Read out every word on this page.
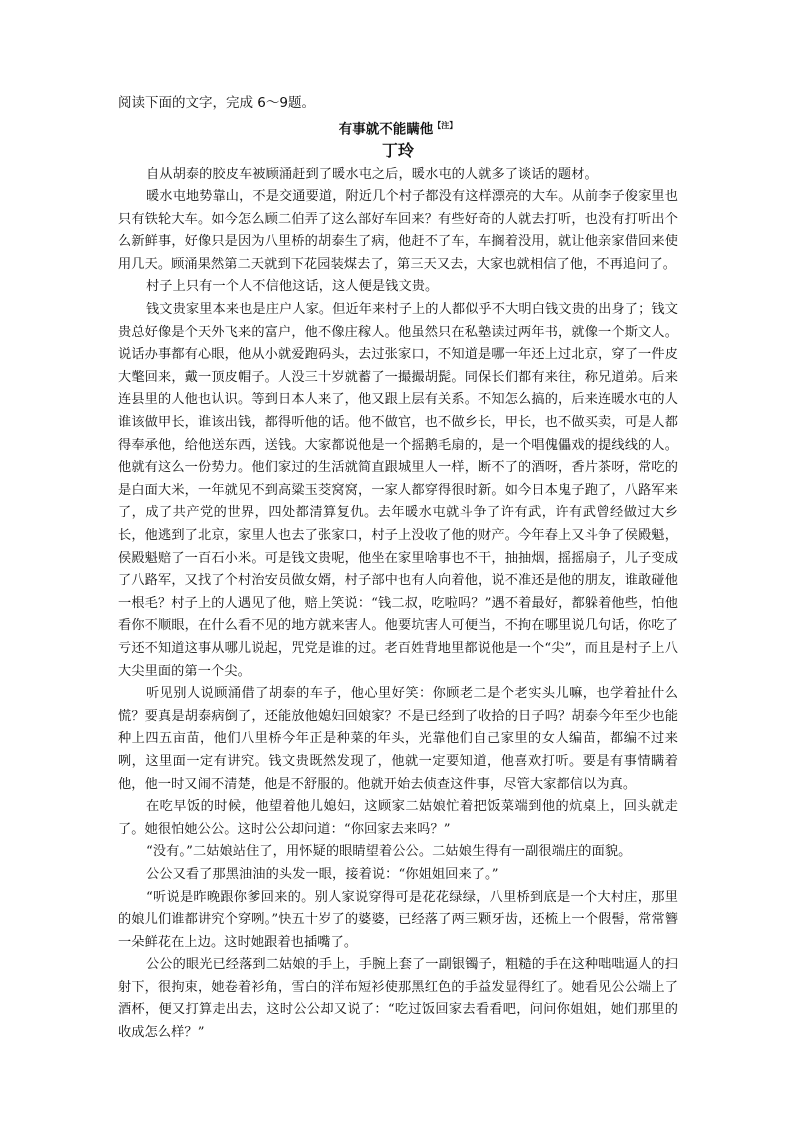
阅读下面的文字，完成 6～9题。

有事就不能瞒他$^{【注】}$

丁玲

自从胡泰的胶皮车被顾涌赶到了暖水屯之后，暖水屯的人就多了谈话的题材。

暖水屯地势靠山，不是交通要道，附近几个村子都没有这样漂亮的大车。从前李子俊家里也只有铁轮大车。如今怎么顾二伯弄了这么部好车回来？有些好奇的人就去打听，也没有打听出个么新鲜事，好像只是因为八里桥的胡泰生了病，他赶不了车，车搁着没用，就让他亲家借回来使用几天。顾涌果然第二天就到下花园装煤去了，第三天又去，大家也就相信了他，不再追问了。

村子上只有一个人不信他这话，这人便是钱文贵。

钱文贵家里本来也是庄户人家。但近年来村子上的人都似乎不大明白钱文贵的出身了；钱文贵总好像是个天外飞来的富户，他不像庄稼人。他虽然只在私塾读过两年书，就像一个斯文人。说话办事都有心眼，他从小就爱跑码头，去过张家口，不知道是哪一年还上过北京，穿了一件皮大氅回来，戴一顶皮帽子。人没三十岁就蓄了一撮撮胡髭。同保长们都有来往，称兄道弟。后来连县里的人他也认识。等到日本人来了，他又跟上层有关系。不知怎么搞的，后来连暖水屯的人谁该做甲长，谁该出钱，都得听他的话。他不做官，也不做乡长，甲长，也不做买卖，可是人都得奉承他，给他送东西，送钱。大家都说他是一个摇鹅毛扇的，是一个唱傀儡戏的提线线的人。他就有这么一份势力。他们家过的生活就简直跟城里人一样，断不了的酒呀，香片茶呀，常吃的是白面大米，一年就见不到高粱玉茭窝窝，一家人都穿得很时新。如今日本鬼子跑了，八路军来了，成了共产党的世界，四处都清算复仇。去年暖水屯就斗争了许有武，许有武曾经做过大乡长，他逃到了北京，家里人也去了张家口，村子上没收了他的财产。今年春上又斗争了侯殿魁，侯殿魁赔了一百石小米。可是钱文贵呢，他坐在家里啥事也不干，抽抽烟，摇摇扇子，儿子变成了八路军，又找了个村治安员做女婿，村子部中也有人向着他，说不准还是他的朋友，谁敢碰他一根毛？村子上的人遇见了他，赔上笑说：“钱二叔，吃啦吗？”遇不着最好，都躲着他些，怕他看你不顺眼，在什么看不见的地方就来害人。他要坑害人可便当，不拘在哪里说几句话，你吃了亏还不知道这事从哪儿说起，咒党是谁的过。老百姓背地里都说他是一个“尖”，而且是村子上八大尖里面的第一个尖。

听见别人说顾涌借了胡泰的车子，他心里好笑：你顾老二是个老实头儿嘛，也学着扯什么慌？要真是胡泰病倒了，还能放他媳妇回娘家？不是已经到了收拾的日子吗？胡泰今年至少也能种上四五亩苗，他们八里桥今年正是种菜的年头，光靠他们自己家里的女人编苗，都编不过来咧，这里面一定有讲究。钱文贵既然发现了，他就一定要知道，他喜欢打听。要是有事情瞒着他，他一时又闹不清楚，他是不舒服的。他就开始去侦查这件事，尽管大家都信以为真。

在吃早饭的时候，他望着他儿媳妇，这顾家二姑娘忙着把饭菜端到他的炕桌上，回头就走了。她很怕她公公。这时公公却问道：“你回家去来吗？”

“没有。”二姑娘站住了，用怀疑的眼睛望着公公。二姑娘生得有一副很端庄的面貌。

公公又看了那黑油油的头发一眼，接着说：“你姐姐回来了。”

“听说是昨晚跟你爹回来的。别人家说穿得可是花花绿绿，八里桥到底是一个大村庄，那里的娘儿们谁都讲究个穿咧。”快五十岁了的婆婆，已经落了两三颗牙齿，还梳上一个假髻，常常簪一朵鲜花在上边。这时她跟着也插嘴了。

公公的眼光已经落到二姑娘的手上，手腕上套了一副银镯子，粗糙的手在这种咄咄逼人的扫射下，很拘束，她卷着衫角，雪白的洋布短衫使那黑红色的手益发显得红了。她看见公公端上了酒杯，便又打算走出去，这时公公却又说了：“吃过饭回家去看看吧，问问你姐姐，她们那里的收成怎么样？”
